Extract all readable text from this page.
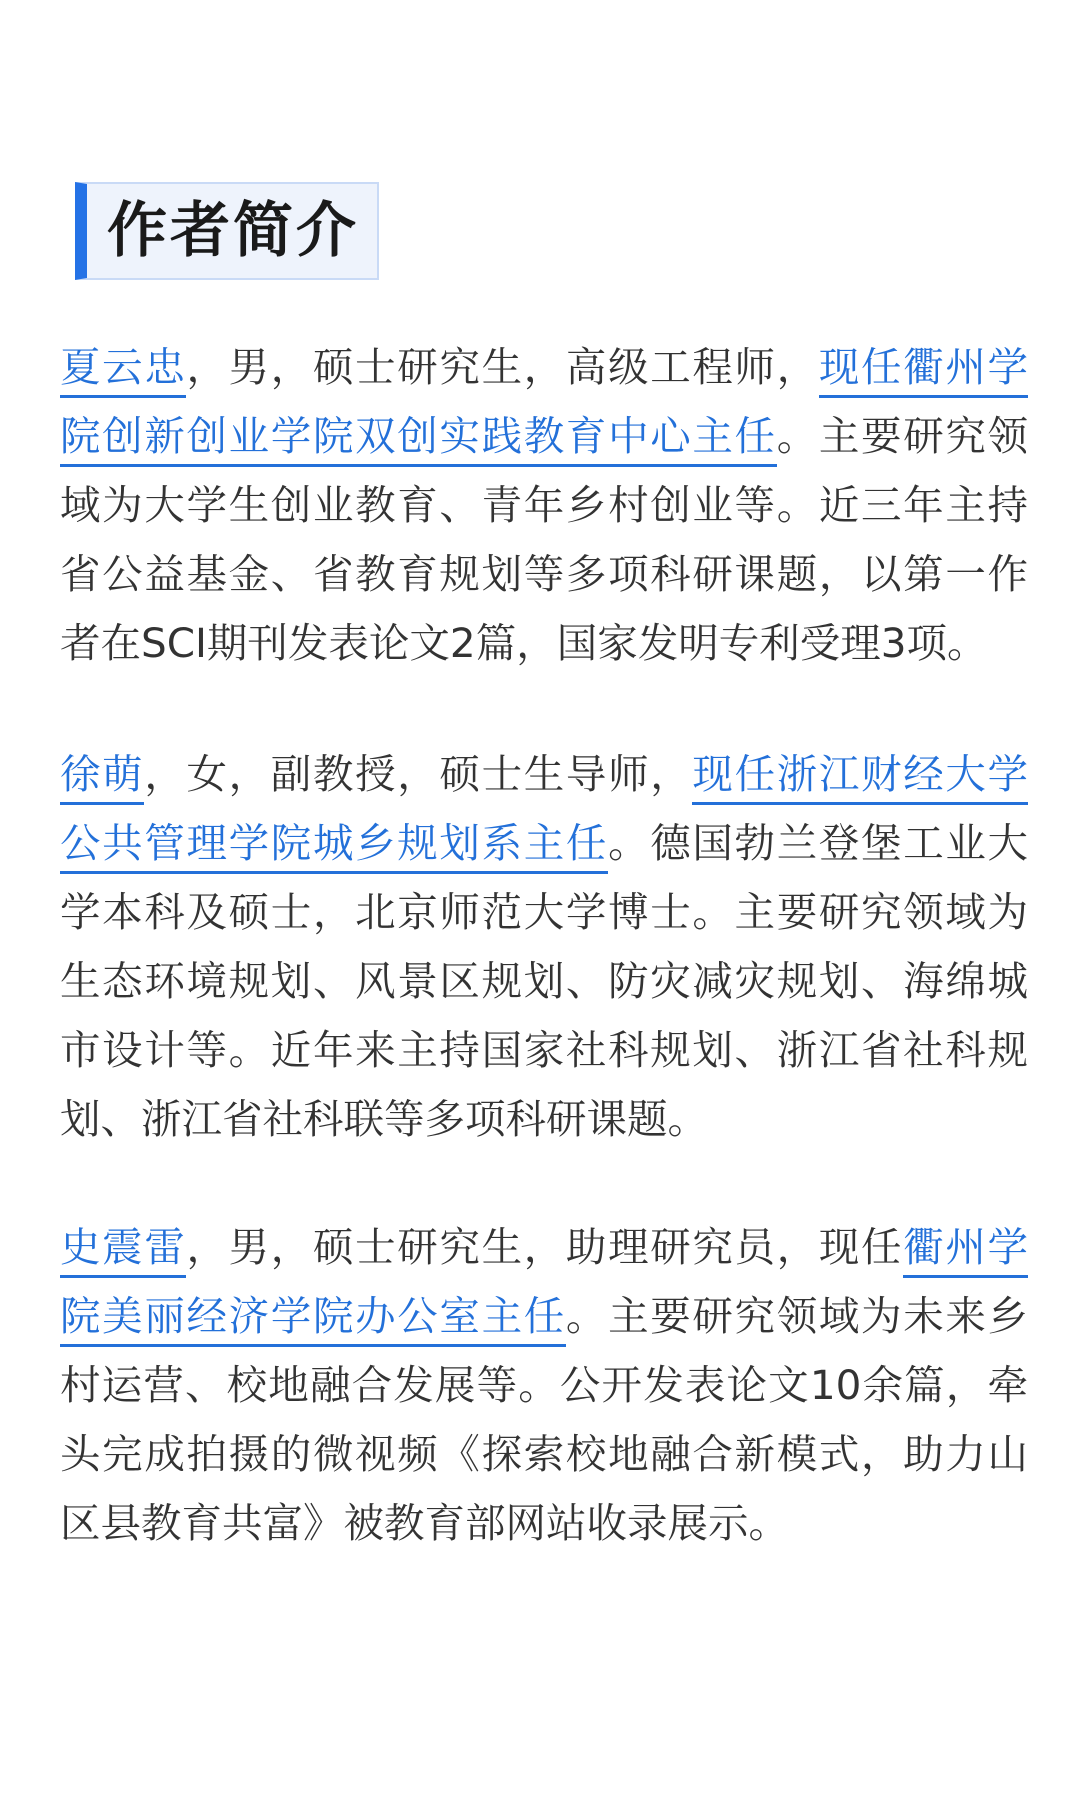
作者简介

夏云忠，男，硕士研究生，高级工程师，现任衢州学院创新创业学院双创实践教育中心主任。主要研究领域为大学生创业教育、青年乡村创业等。近三年主持省公益基金、省教育规划等多项科研课题，以第一作者在SCI期刊发表论文2篇，国家发明专利受理3项。

徐萌，女，副教授，硕士生导师，现任浙江财经大学公共管理学院城乡规划系主任。德国勃兰登堡工业大学本科及硕士，北京师范大学博士。主要研究领域为生态环境规划、风景区规划、防灾减灾规划、海绵城市设计等。近年来主持国家社科规划、浙江省社科规划、浙江省社科联等多项科研课题。

史震雷，男，硕士研究生，助理研究员，现任衢州学院美丽经济学院办公室主任。主要研究领域为未来乡村运营、校地融合发展等。公开发表论文10余篇，牵头完成拍摄的微视频《探索校地融合新模式，助力山区县教育共富》被教育部网站收录展示。
